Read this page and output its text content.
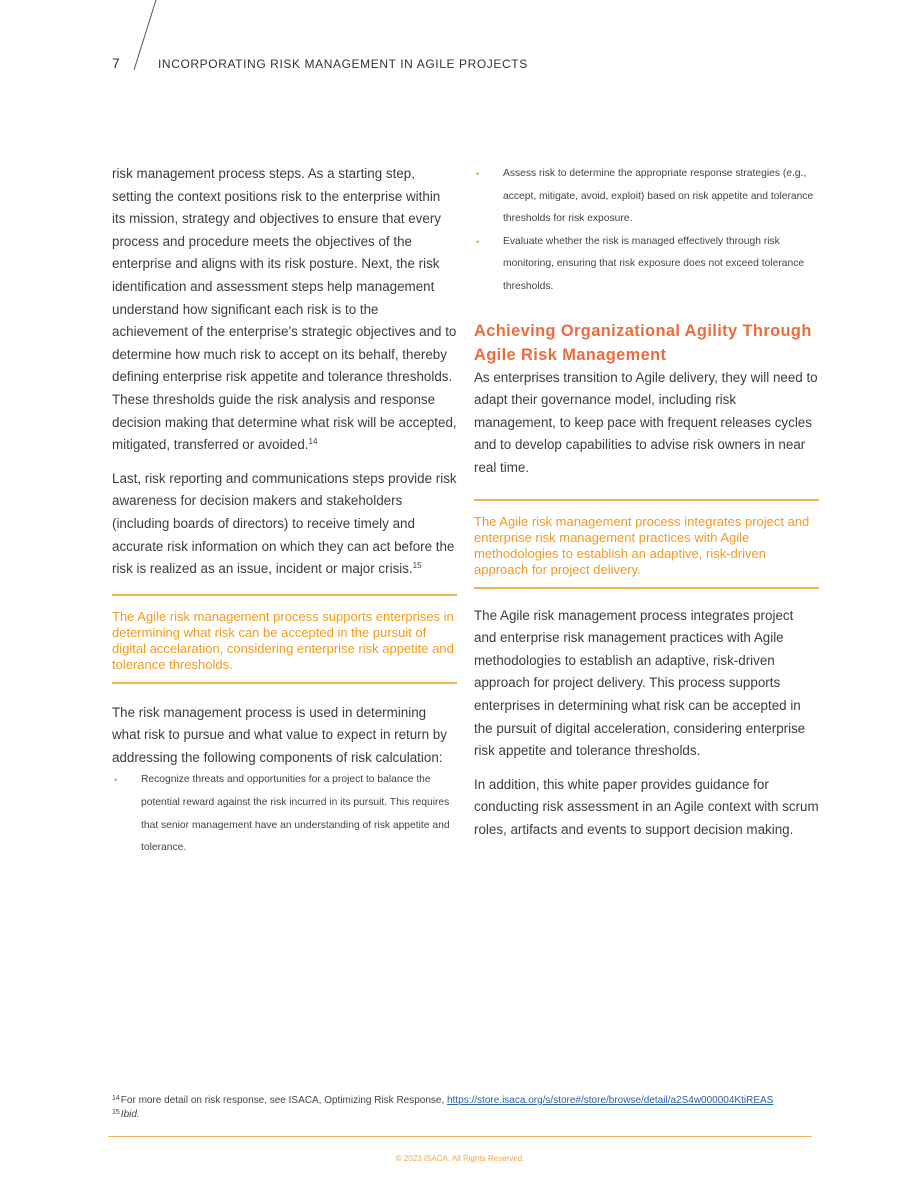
7	INCORPORATING RISK MANAGEMENT IN AGILE PROJECTS

risk management process steps. As a starting step, setting the context positions risk to the enterprise within its mission, strategy and objectives to ensure that every process and procedure meets the objectives of the enterprise and aligns with its risk posture. Next, the risk identification and assessment steps help management understand how significant each risk is to the achievement of the enterprise’s strategic objectives and to determine how much risk to accept on its behalf, thereby defining enterprise risk appetite and tolerance thresholds. These thresholds guide the risk analysis and response decision making that determine what risk will be accepted, mitigated, transferred or avoided.$^{14}$

Last, risk reporting and communications steps provide risk awareness for decision makers and stakeholders (including boards of directors) to receive timely and accurate risk information on which they can act before the risk is realized as an issue, incident or major crisis.$^{15}$

The Agile risk management process supports enterprises in determining what risk can be accepted in the pursuit of digital accelaration, considering enterprise risk appetite and tolerance thresholds.

The risk management process is used in determining what risk to pursue and what value to expect in return by addressing the following components of risk calculation:

• Recognize threats and opportunities for a project to balance the potential reward against the risk incurred in its pursuit. This requires that senior management have an understanding of risk appetite and tolerance.
• Assess risk to determine the appropriate response strategies (e.g., accept, mitigate, avoid, exploit) based on risk appetite and tolerance thresholds for risk exposure.
• Evaluate whether the risk is managed effectively through risk monitoring, ensuring that risk exposure does not exceed tolerance thresholds.
Achieving Organizational Agility Through Agile Risk Management

As enterprises transition to Agile delivery, they will need to adapt their governance model, including risk management, to keep pace with frequent releases cycles and to develop capabilities to advise risk owners in near real time.

The Agile risk management process integrates project and enterprise risk management practices with Agile methodologies to establish an adaptive, risk-driven approach for project delivery.

The Agile risk management process integrates project and enterprise risk management practices with Agile methodologies to establish an adaptive, risk-driven approach for project delivery. This process supports enterprises in determining what risk can be accepted in the pursuit of digital acceleration, considering enterprise risk appetite and tolerance thresholds.

In addition, this white paper provides guidance for conducting risk assessment in an Agile context with scrum roles, artifacts and events to support decision making.

$^{14}$For more detail on risk response, see ISACA, Optimizing Risk Response, https://store.isaca.org/s/store#/store/browse/detail/a2S4w000004KtiREAS
$^{15}$Ibid.
© 2023 ISACA. All Rights Reserved.
